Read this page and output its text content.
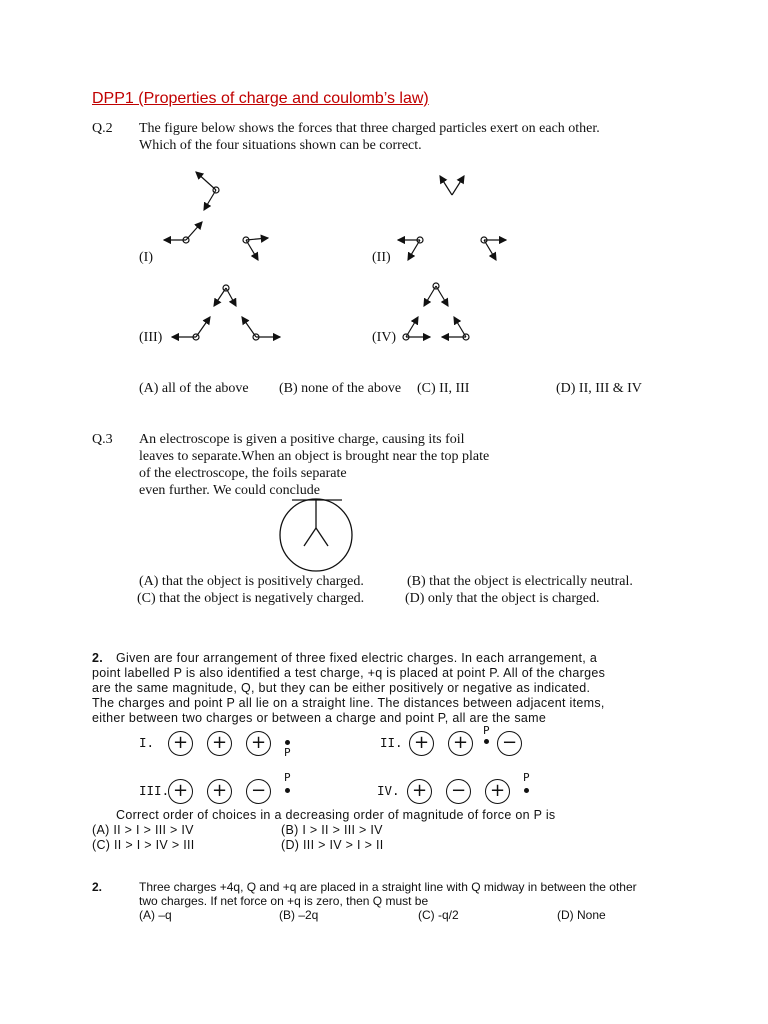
DPP1 (Properties of charge and coulomb’s law)
Q.2 The figure below shows the forces that three charged particles exert on each other.
Which of the four situations shown can be correct.
(I)	(II)
(III)	(IV)
(A) all of the above (B) none of the above (C) II, III	(D) II, III & IV
Q.3 An electroscope is given a positive charge, causing its foil
leaves to separate.When an object is brought near the top plate
of the electroscope, the foils separate
even further. We could conclude
(A) that the object is positively charged.	(B) that the object is electrically neutral.
(C) that the object is negatively charged.	(D) only that the object is charged.
2. Given are four arrangement of three fixed electric charges. In each arrangement, a
point labelled P is also identified a test charge, +q is placed at point P. All of the charges
are the same magnitude, Q, but they can be either positively or negative as indicated.
The charges and point P all lie on a straight line. The distances between adjacent items,
either between two charges or between a charge and point P, all are the same
I. + + +	P
II. + +
P
−
III. + + −
P
IV. + − +
P
Correct order of choices in a decreasing order of magnitude of force on P is
(A) II > I > III > IV	(B) I > II > III > IV
(C) II > I > IV > III	(D) III > IV > I > II
2.	Three charges +4q, Q and +q are placed in a straight line with Q midway in between the other
two charges. If net force on +q is zero, then Q must be
(A) –q	(B) –2q	(C) -q/2	(D) None
